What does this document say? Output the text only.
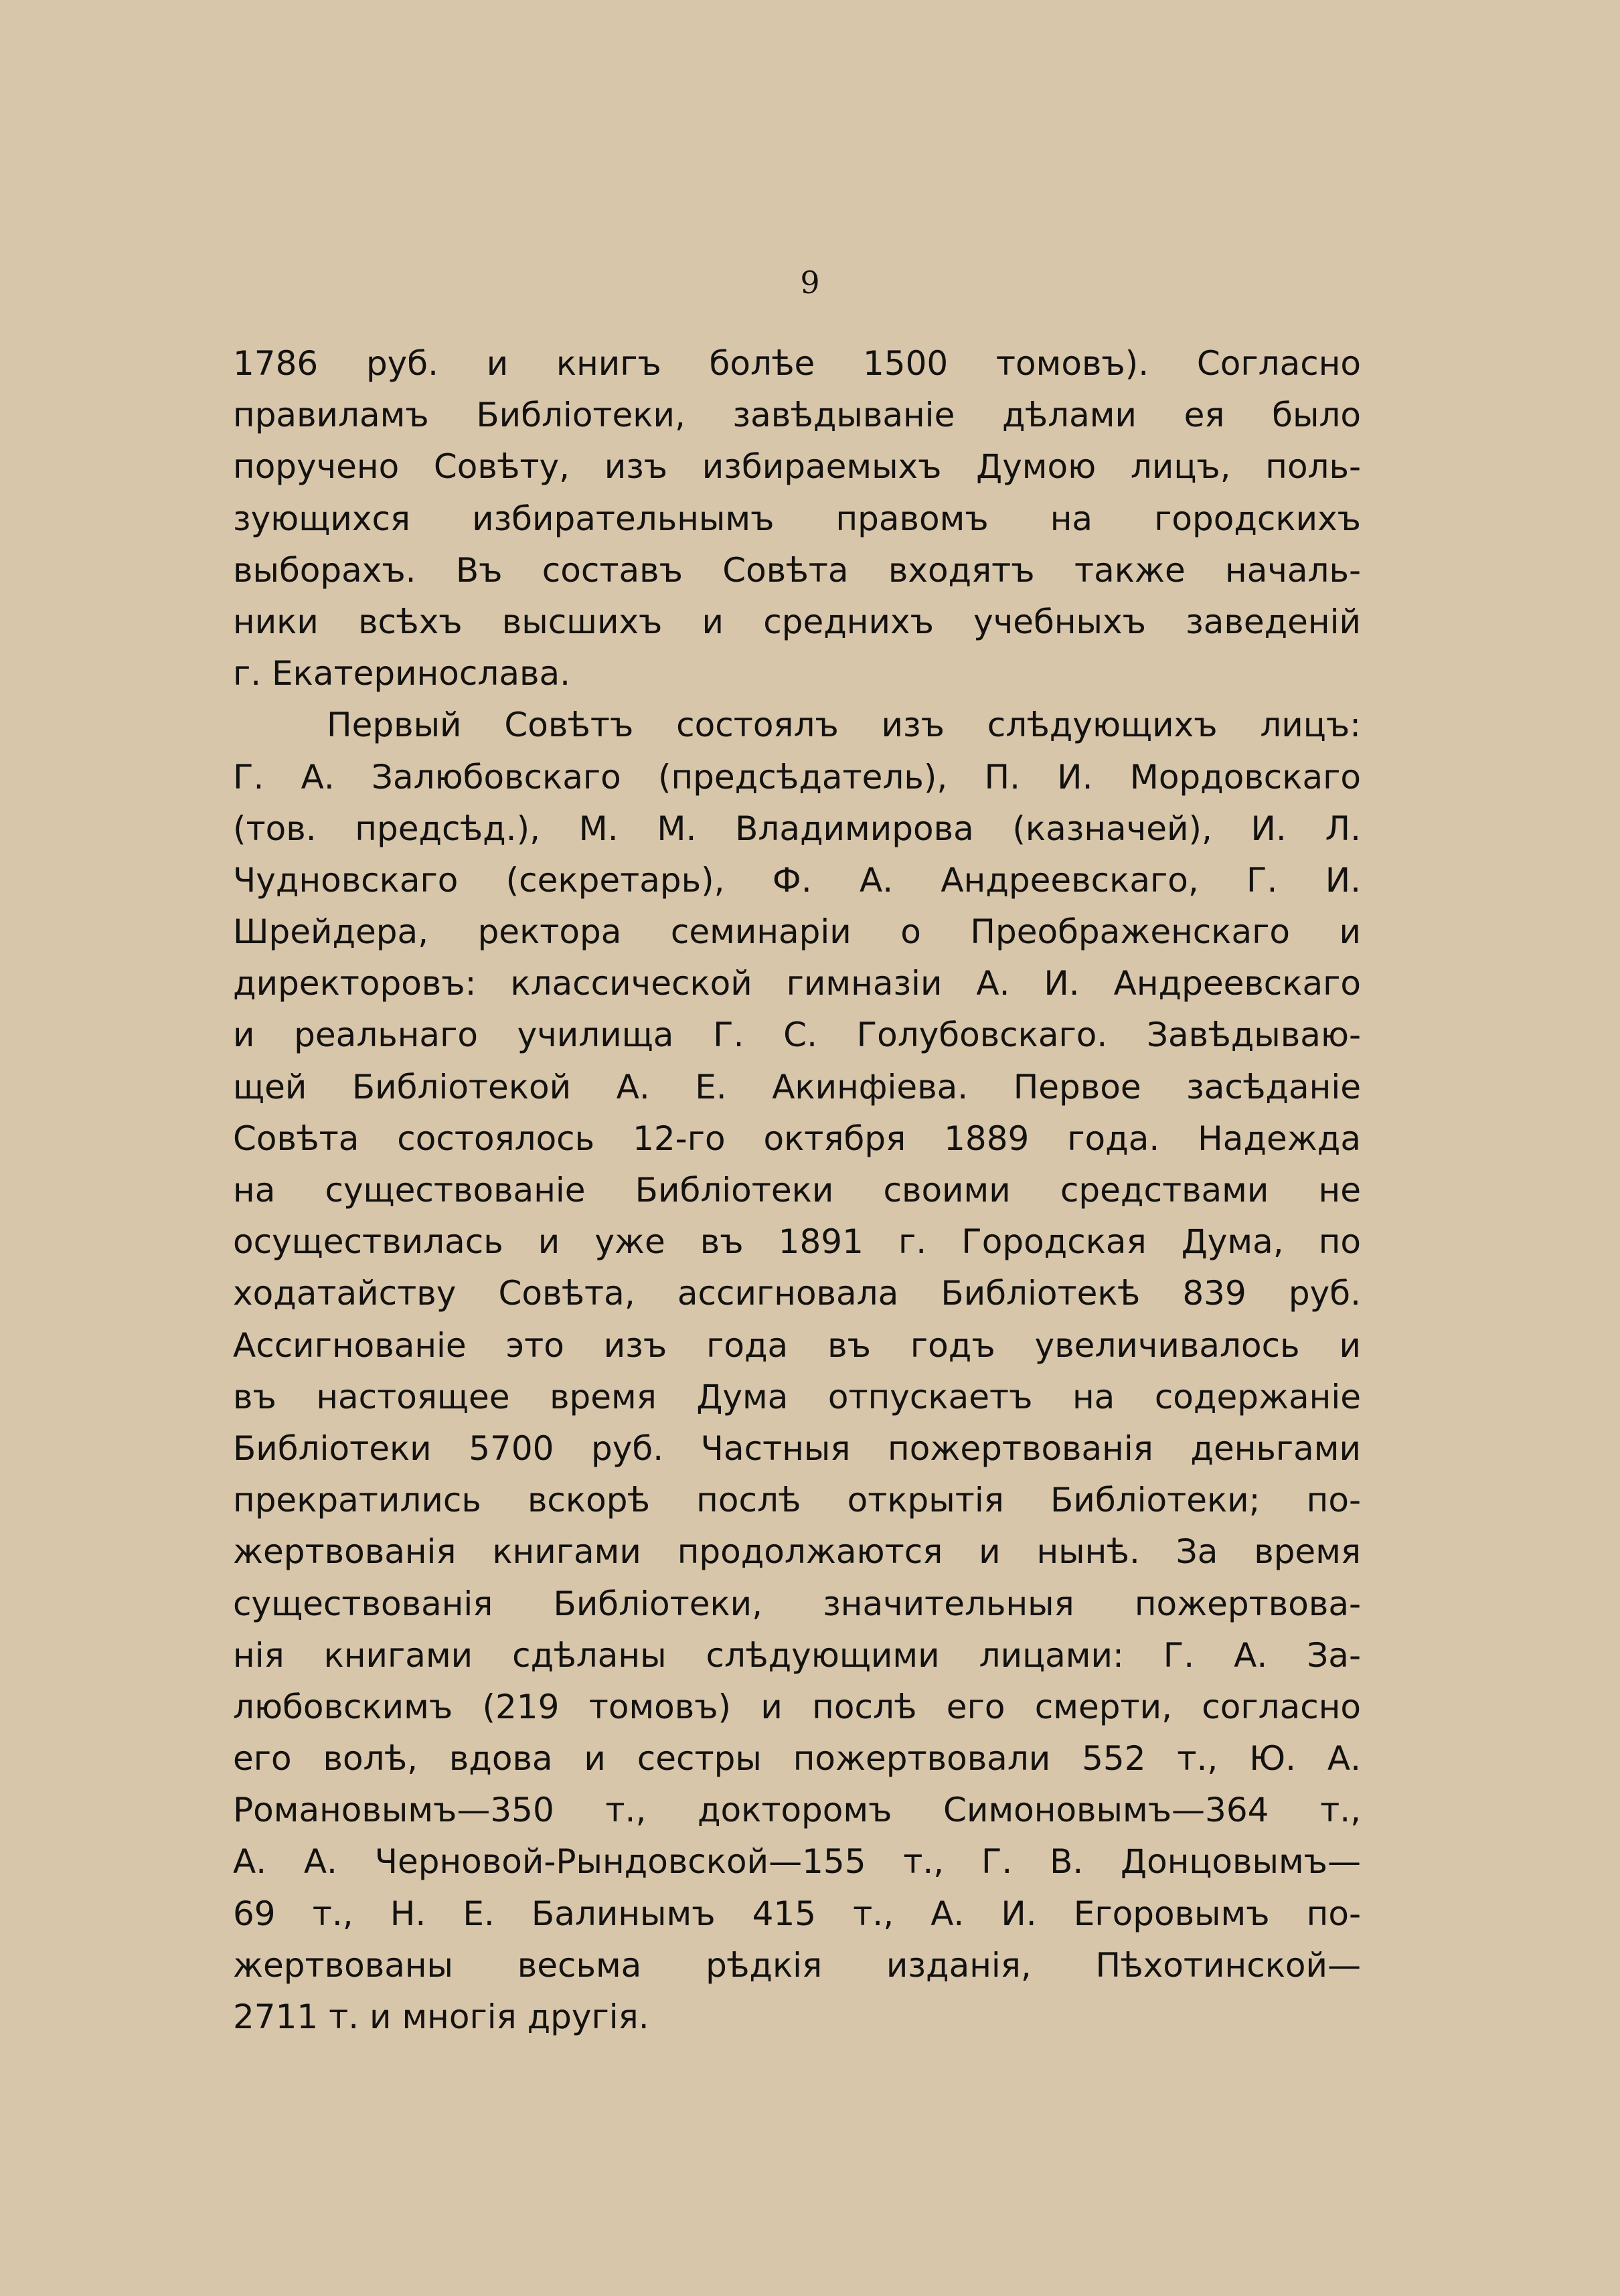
9
1786 руб. и книгъ болѣе 1500 томовъ). Согласно
правиламъ Библіотеки, завѣдываніе дѣлами ея было
поручено Совѣту, изъ избираемыхъ Думою лицъ, поль-
зующихся избирательнымъ правомъ на городскихъ
выборахъ. Въ составъ Совѣта входятъ также началь-
ники всѣхъ высшихъ и среднихъ учебныхъ заведеній
г. Екатеринослава.
Первый Совѣтъ состоялъ изъ слѣдующихъ лицъ:
Г. А. Залюбовскаго (предсѣдатель), П. И. Мордовскаго
(тов. предсѣд.), М. М. Владимирова (казначей), И. Л.
Чудновскаго (секретарь), Ф. А. Андреевскаго, Г. И.
Шрейдера, ректора семинаріи о Преображенскаго и
директоровъ: классической гимназіи А. И. Андреевскаго
и реальнаго училища Г. С. Голубовскаго. Завѣдываю-
щей Библіотекой А. Е. Акинфіева. Первое засѣданіе
Совѣта состоялось 12-го октября 1889 года. Надежда
на существованіе Библіотеки своими средствами не
осуществилась и уже въ 1891 г. Городская Дума, по
ходатайству Совѣта, ассигновала Библіотекѣ 839 руб.
Ассигнованіе это изъ года въ годъ увеличивалось и
въ настоящее время Дума отпускаетъ на содержаніе
Библіотеки 5700 руб. Частныя пожертвованія деньгами
прекратились вскорѣ послѣ открытія Библіотеки; по-
жертвованія книгами продолжаются и нынѣ. За время
существованія Библіотеки, значительныя пожертвова-
нія книгами сдѣланы слѣдующими лицами: Г. А. За-
любовскимъ (219 томовъ) и послѣ его смерти, согласно
его волѣ, вдова и сестры пожертвовали 552 т., Ю. А.
Романовымъ—350 т., докторомъ Симоновымъ—364 т.,
А. А. Черновой-Рындовской—155 т., Г. В. Донцовымъ—
69 т., Н. Е. Балинымъ 415 т., А. И. Егоровымъ по-
жертвованы весьма рѣдкія изданія, Пѣхотинской—
2711 т. и многія другія.
